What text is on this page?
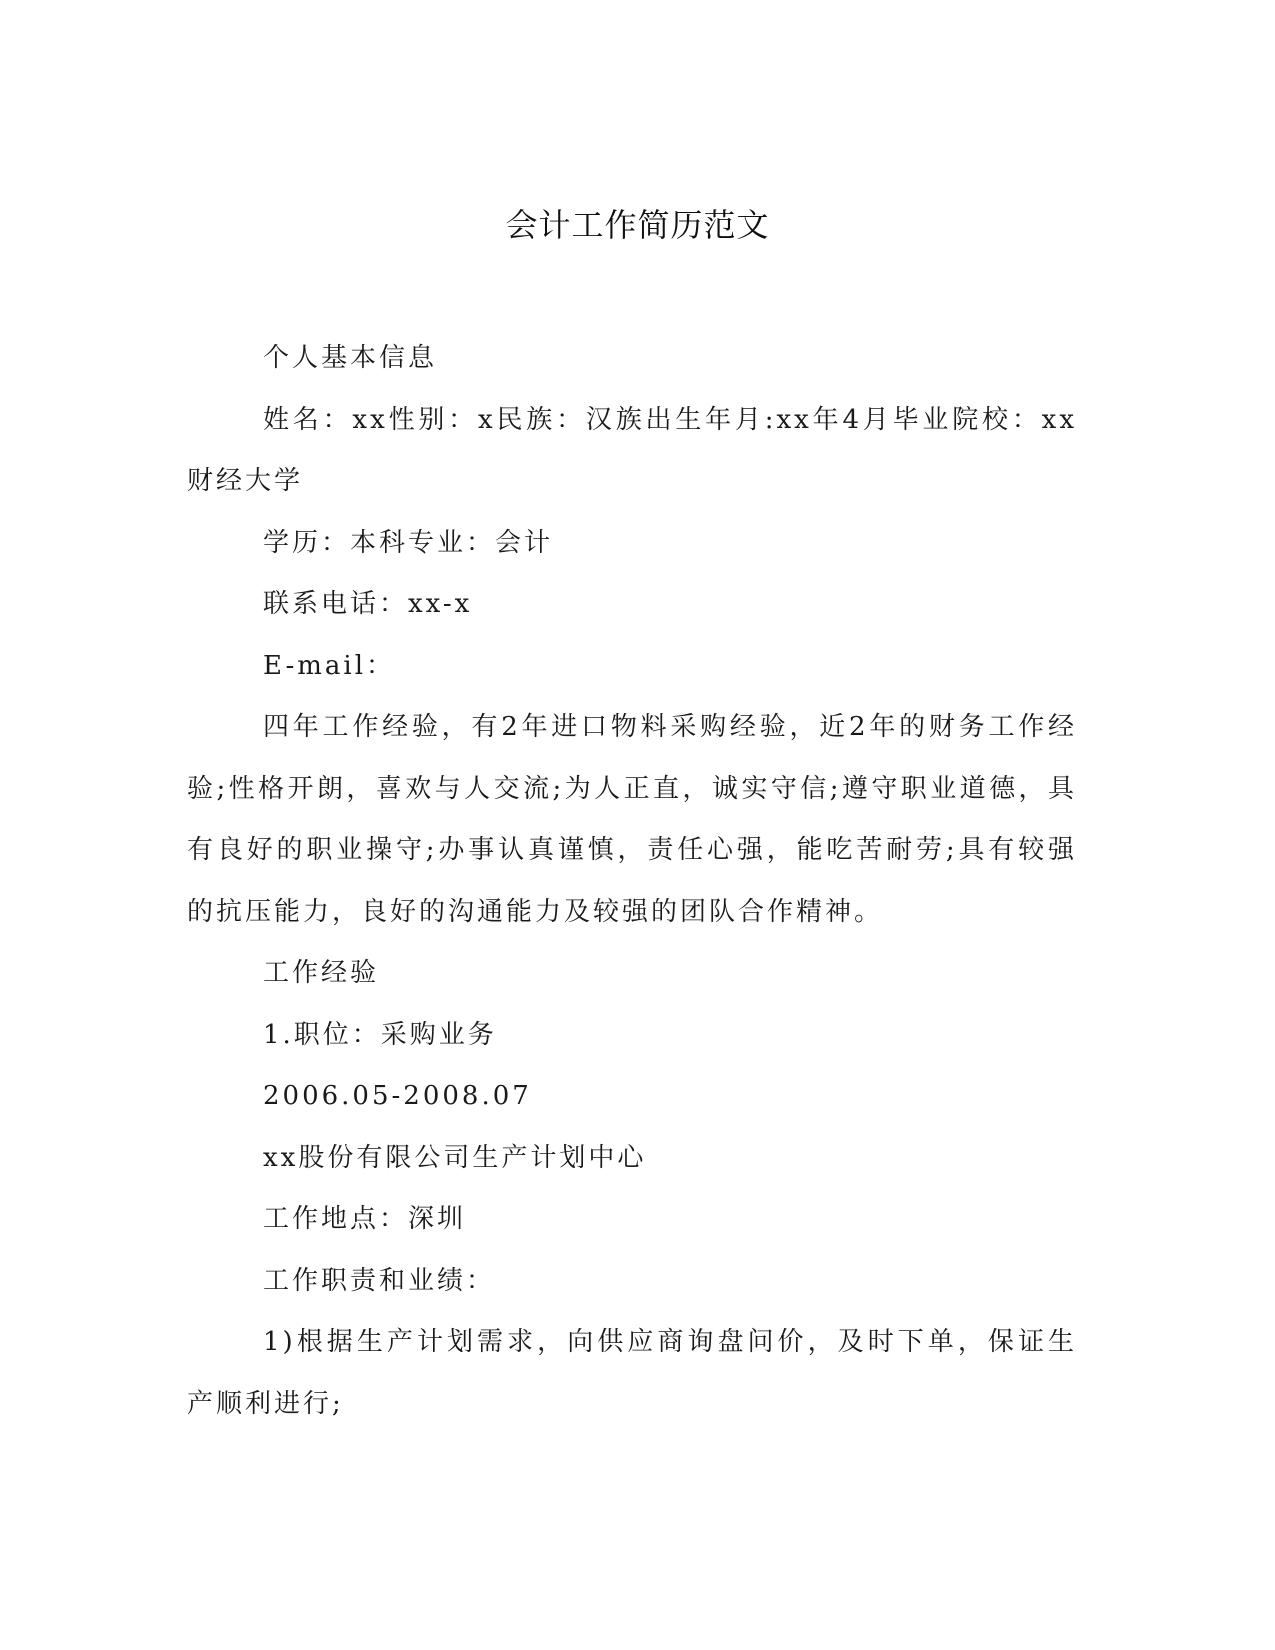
会计工作简历范文

个人基本信息

姓名：xx性别：x民族：汉族出生年月:xx年4月毕业院校：xx财经大学

学历：本科专业：会计

联系电话：xx-x

E-mail：

四年工作经验，有2年进口物料采购经验，近2年的财务工作经验;性格开朗，喜欢与人交流;为人正直，诚实守信;遵守职业道德，具有良好的职业操守;办事认真谨慎，责任心强，能吃苦耐劳;具有较强的抗压能力，良好的沟通能力及较强的团队合作精神。

工作经验

1.职位：采购业务

2006.05-2008.07

xx股份有限公司生产计划中心

工作地点：深圳

工作职责和业绩：

1)根据生产计划需求，向供应商询盘问价，及时下单，保证生产顺利进行;
